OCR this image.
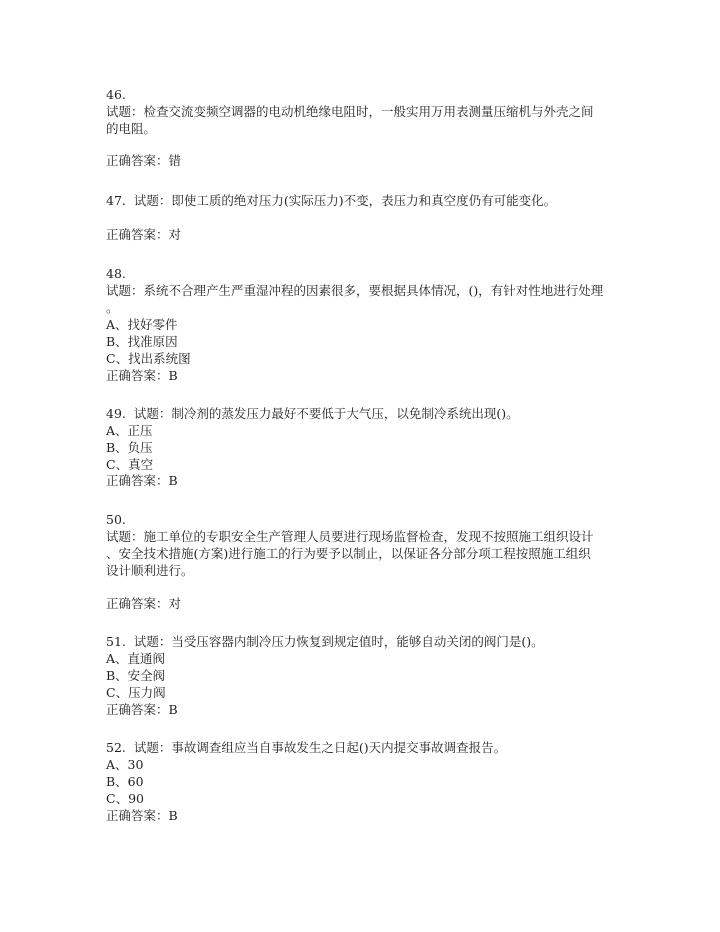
46.
试题：检查交流变频空调器的电动机绝缘电阻时，一般实用万用表测量压缩机与外壳之间
的电阻。
正确答案：错
47. 试题：即使工质的绝对压力(实际压力)不变，表压力和真空度仍有可能变化。
正确答案：对
48.
试题：系统不合理产生严重湿冲程的因素很多，要根据具体情况，()，有针对性地进行处理
。
A、找好零件
B、找准原因
C、找出系统图
正确答案：B
49. 试题：制冷剂的蒸发压力最好不要低于大气压，以免制冷系统出现()。
A、正压
B、负压
C、真空
正确答案：B
50.
试题：施工单位的专职安全生产管理人员要进行现场监督检查，发现不按照施工组织设计
、安全技术措施(方案)进行施工的行为要予以制止，以保证各分部分项工程按照施工组织
设计顺利进行。
正确答案：对
51. 试题：当受压容器内制冷压力恢复到规定值时，能够自动关闭的阀门是()。
A、直通阀
B、安全阀
C、压力阀
正确答案：B
52. 试题：事故调查组应当自事故发生之日起()天内提交事故调查报告。
A、30
B、60
C、90
正确答案：B
